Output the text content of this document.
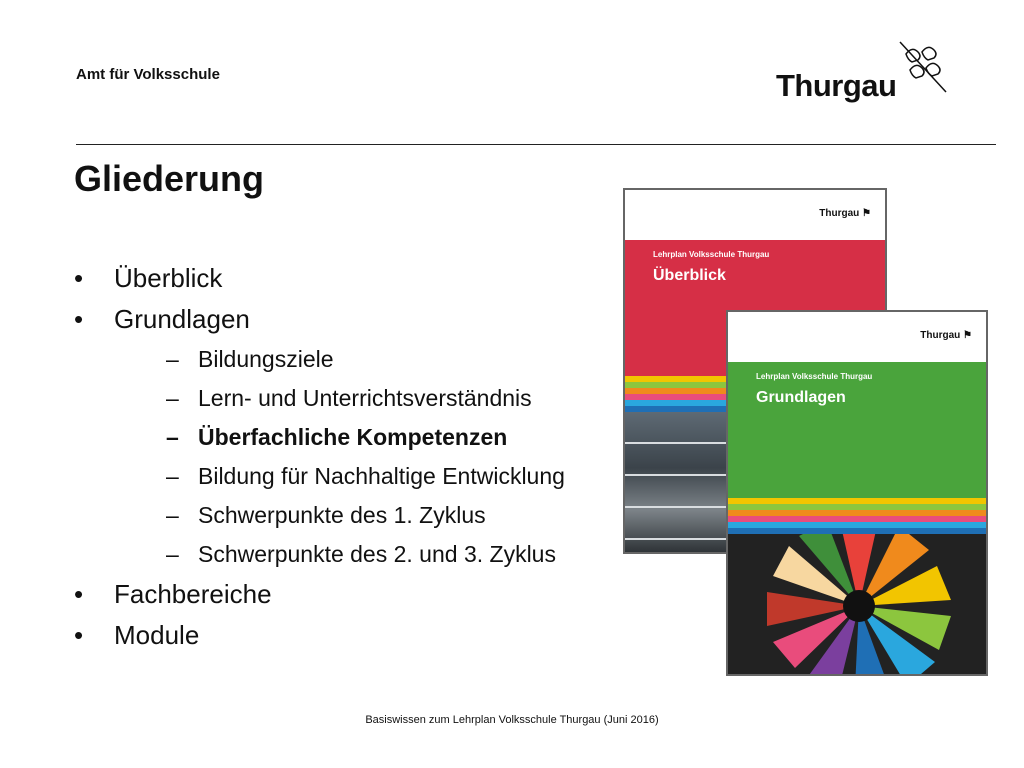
Amt für Volksschule	Thurgau
Gliederung
• Überblick
• Grundlagen
– Bildungsziele
– Lern- und Unterrichtsverständnis
– Überfachliche Kompetenzen
– Bildung für Nachhaltige Entwicklung
– Schwerpunkte des 1. Zyklus
– Schwerpunkte des 2. und 3. Zyklus
• Fachbereiche
• Module
Thurgau ⚑
Lehrplan Volksschule Thurgau
Überblick
Thurgau ⚑
Lehrplan Volksschule Thurgau
Grundlagen
Basiswissen zum Lehrplan Volksschule Thurgau (Juni 2016)
